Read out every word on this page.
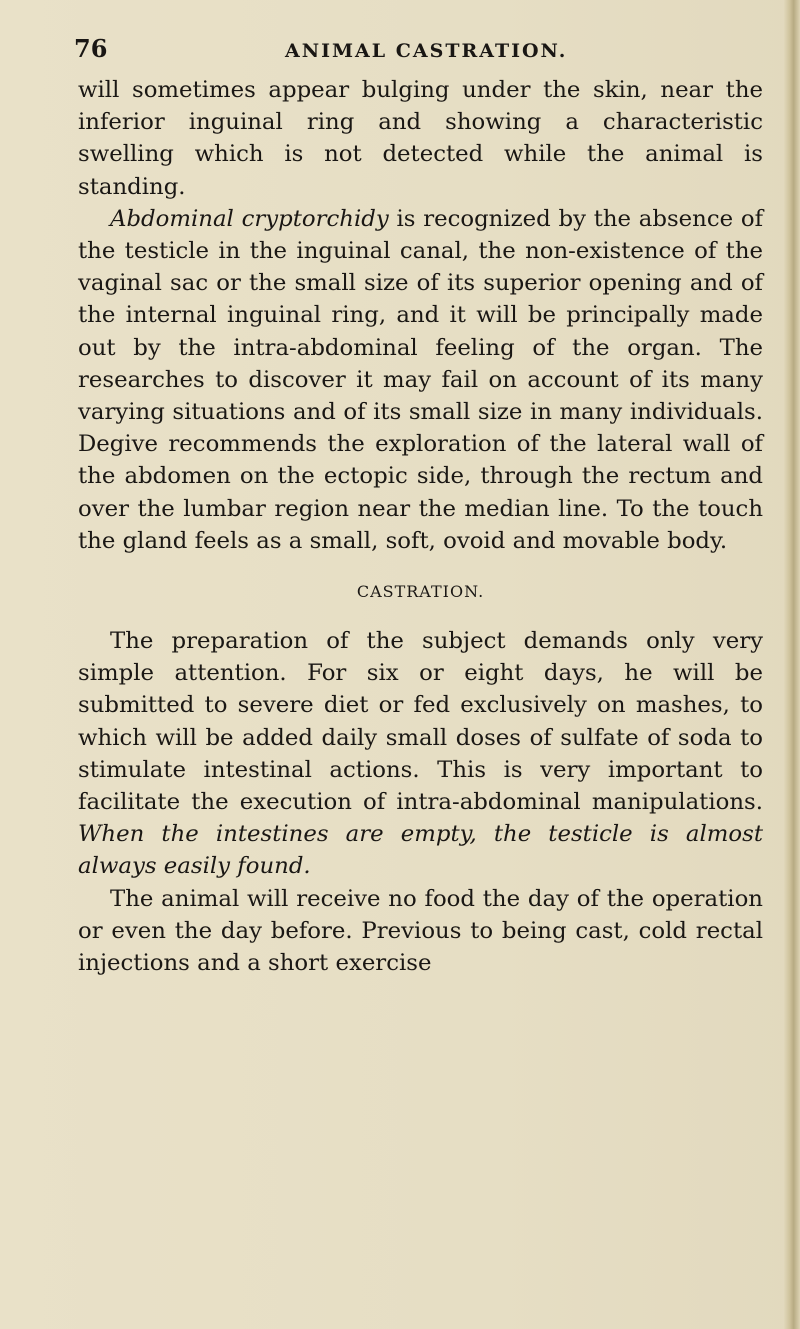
76	ANIMAL CASTRATION.

will sometimes appear bulging under the skin, near the inferior inguinal ring and showing a characteristic swelling which is not detected while the animal is standing.

Abdominal cryptorchidy is recognized by the absence of the testicle in the inguinal canal, the non-existence of the vaginal sac or the small size of its superior opening and of the internal inguinal ring, and it will be principally made out by the intra-abdominal feeling of the organ. The researches to discover it may fail on account of its many varying situations and of its small size in many individuals. Degive recommends the exploration of the lateral wall of the abdomen on the ectopic side, through the rectum and over the lumbar region near the median line. To the touch the gland feels as a small, soft, ovoid and movable body.

CASTRATION.

The preparation of the subject demands only very simple attention. For six or eight days, he will be submitted to severe diet or fed exclusively on mashes, to which will be added daily small doses of sulfate of soda to stimulate intestinal actions. This is very important to facilitate the execution of intra-abdominal manipulations. When the intestines are empty, the testicle is almost always easily found.

The animal will receive no food the day of the operation or even the day before. Previous to being cast, cold rectal injections and a short exercise
